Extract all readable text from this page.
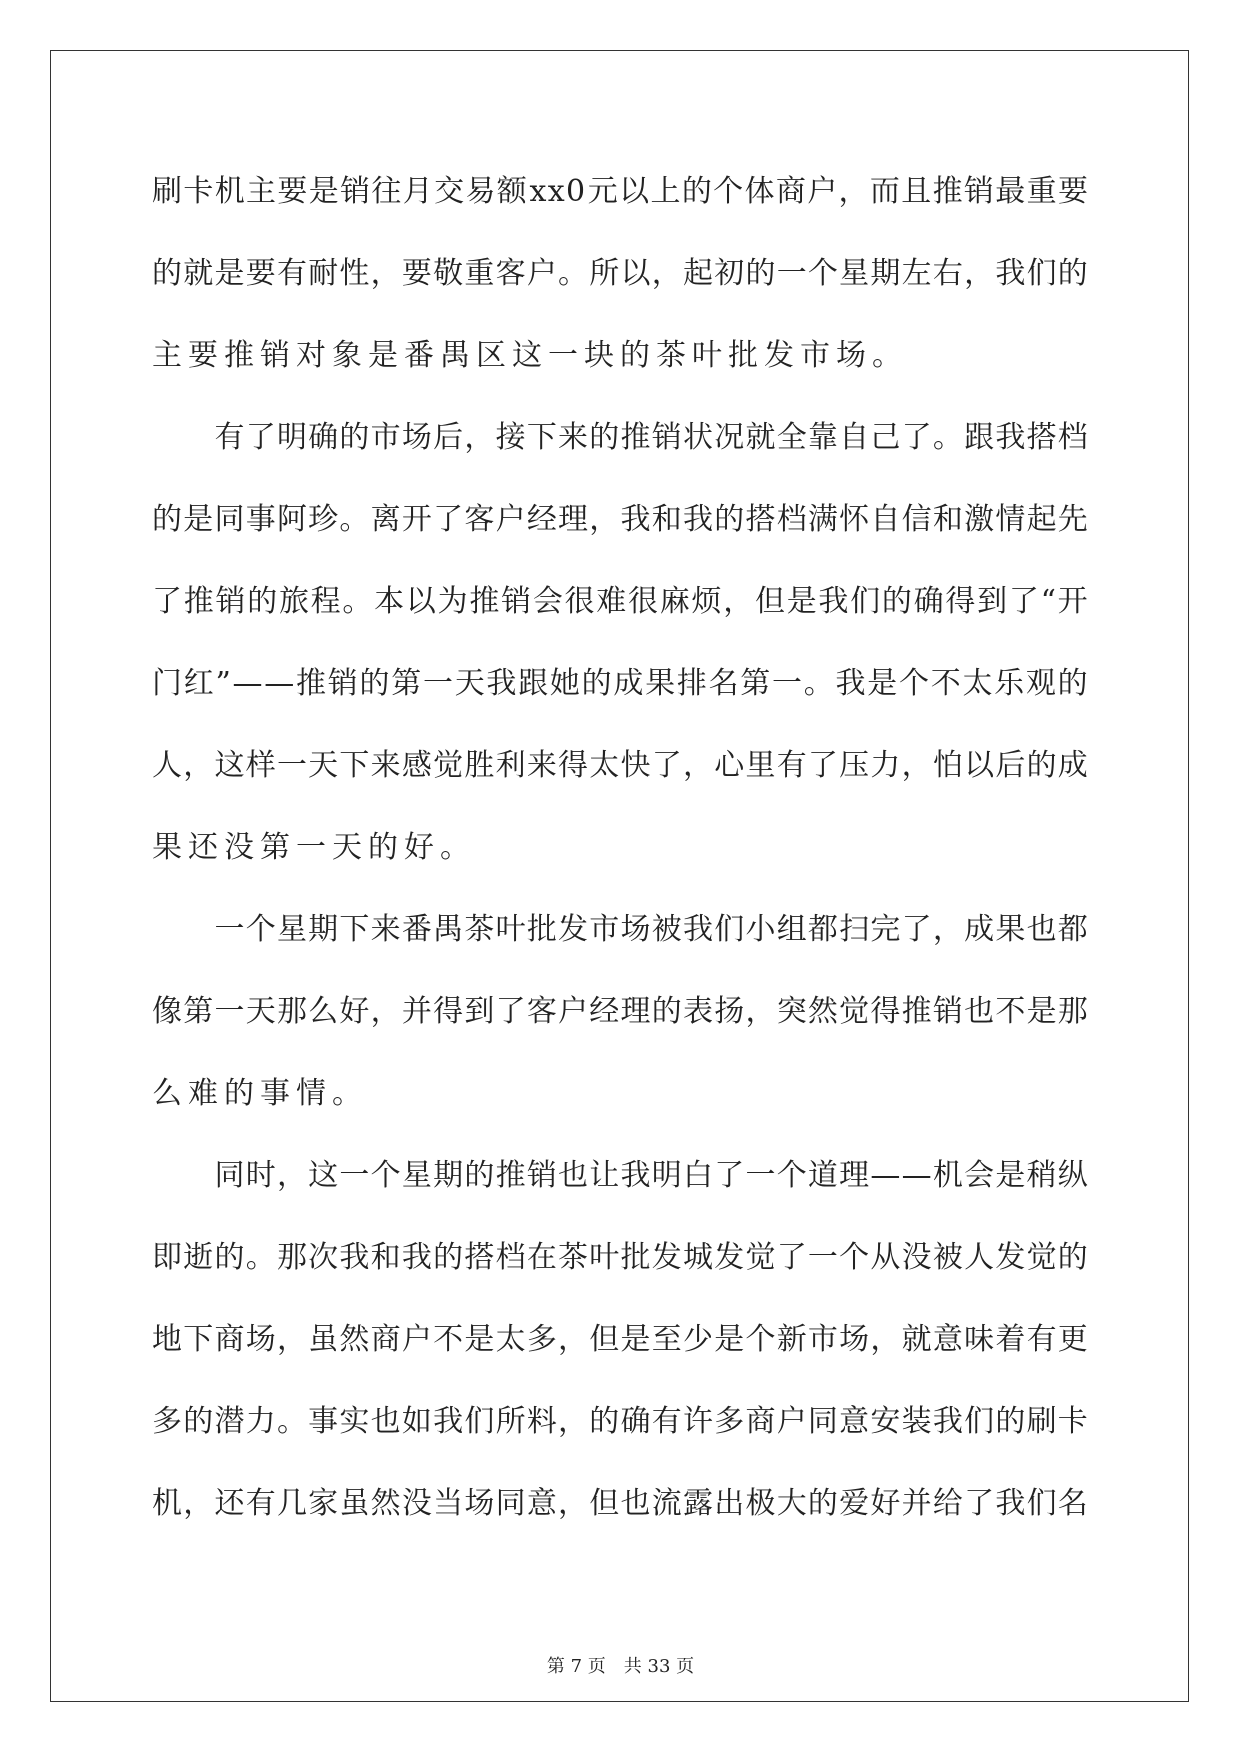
刷 卡 机 主 要 是 销 往 月 交 易 额 x x 0 元 以 上 的 个 体 商 户 ， 而 且 推 销 最 重 要
的 就 是 要 有 耐 性 ， 要 敬 重 客 户 。 所 以 ， 起 初 的 一 个 星 期 左 右 ， 我 们 的
主要推销对象是番禺区这一块的茶叶批发市场。

有 了 明 确 的 市 场 后 ， 接 下 来 的 推 销 状 况 就 全 靠 自 己 了 。 跟 我 搭 档
的 是 同 事 阿 珍 。 离 开 了 客 户 经 理 ， 我 和 我 的 搭 档 满 怀 自 信 和 激 情 起 先
了 推 销 的 旅 程 。 本 以 为 推 销 会 很 难 很 麻 烦 ， 但 是 我 们 的 确 得 到 了 “ 开
门 红 ” — — 推 销 的 第 一 天 我 跟 她 的 成 果 排 名 第 一 。 我 是 个 不 太 乐 观 的
人 ， 这 样 一 天 下 来 感 觉 胜 利 来 得 太 快 了 ， 心 里 有 了 压 力 ， 怕 以 后 的 成
果还没第一天的好。

一 个 星 期 下 来 番 禺 茶 叶 批 发 市 场 被 我 们 小 组 都 扫 完 了 ， 成 果 也 都
像 第 一 天 那 么 好 ， 并 得 到 了 客 户 经 理 的 表 扬 ， 突 然 觉 得 推 销 也 不 是 那
么难的事情。

同 时 ， 这 一 个 星 期 的 推 销 也 让 我 明 白 了 一 个 道 理 — — 机 会 是 稍 纵
即 逝 的 。 那 次 我 和 我 的 搭 档 在 茶 叶 批 发 城 发 觉 了 一 个 从 没 被 人 发 觉 的
地 下 商 场 ， 虽 然 商 户 不 是 太 多 ， 但 是 至 少 是 个 新 市 场 ， 就 意 味 着 有 更
多 的 潜 力 。 事 实 也 如 我 们 所 料 ， 的 确 有 许 多 商 户 同 意 安 装 我 们 的 刷 卡
机 ， 还 有 几 家 虽 然 没 当 场 同 意 ， 但 也 流 露 出 极 大 的 爱 好 并 给 了 我 们 名
第 7 页　共 33 页
